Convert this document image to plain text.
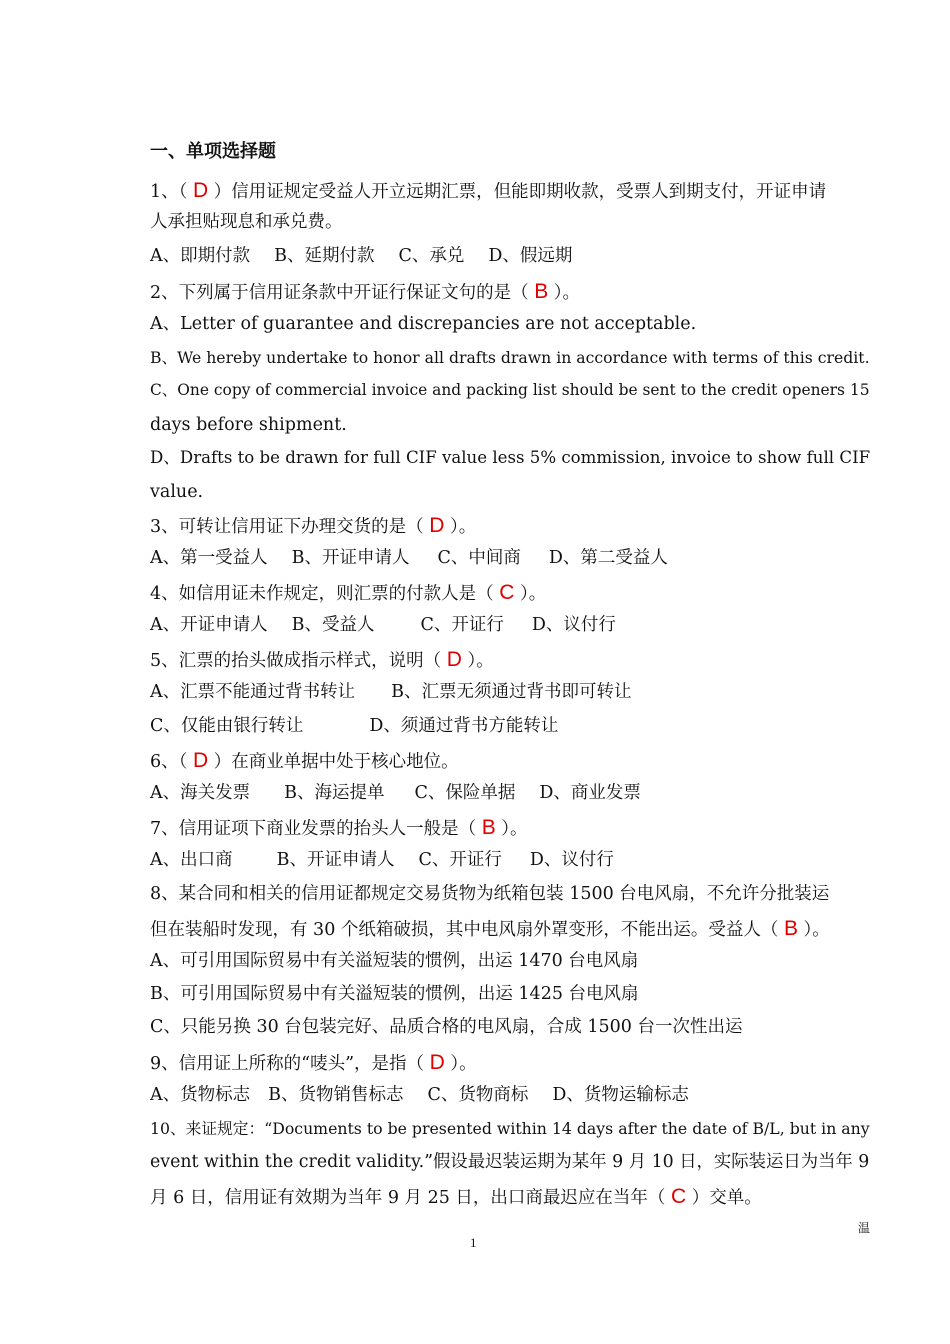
一、单项选择题
1、（ D ）信用证规定受益人开立远期汇票，但能即期收款，受票人到期支付，开证申请
人承担贴现息和承兑费。
A、即期付款 B、延期付款 C、承兑 D、假远期
2、下列属于信用证条款中开证行保证文句的是（ B ）。
A、Letter of guarantee and discrepancies are not acceptable.
B、We hereby undertake to honor all drafts drawn in accordance with terms of this credit.
C、One copy of commercial invoice and packing list should be sent to the credit openers 15
days before shipment.
D、Drafts to be drawn for full CIF value less 5% commission, invoice to show full CIF
value.
3、可转让信用证下办理交货的是（ D ）。
A、第一受益人 B、开证申请人 C、中间商 D、第二受益人
4、如信用证未作规定，则汇票的付款人是（ C ）。
A、开证申请人 B、受益人	C、开证行 D、议付行
5、汇票的抬头做成指示样式，说明（ D ）。
A、汇票不能通过背书转让 B、汇票无须通过背书即可转让
C、仅能由银行转让	D、须通过背书方能转让
6、（ D ）在商业单据中处于核心地位。
A、海关发票 B、海运提单 C、保险单据 D、商业发票
7、信用证项下商业发票的抬头人一般是（ B ）。
A、出口商	B、开证申请人 C、开证行 D、议付行
8、某合同和相关的信用证都规定交易货物为纸箱包装 1500 台电风扇，不允许分批装运
但在装船时发现，有 30 个纸箱破损，其中电风扇外罩变形，不能出运。受益人（ B ）。
A、可引用国际贸易中有关溢短装的惯例，出运 1470 台电风扇
B、可引用国际贸易中有关溢短装的惯例，出运 1425 台电风扇
C、只能另换 30 台包装完好、品质合格的电风扇，合成 1500 台一次性出运
9、信用证上所称的“唛头”，是指（ D ）。
A、货物标志 B、货物销售标志 C、货物商标 D、货物运输标志
10、来证规定：“Documents to be presented within 14 days after the date of B/L, but in any
event within the credit validity.”假设最迟装运期为某年 9 月 10 日，实际装运日为当年 9
月 6 日，信用证有效期为当年 9 月 25 日，出口商最迟应在当年（ C ）交单。
温
1
